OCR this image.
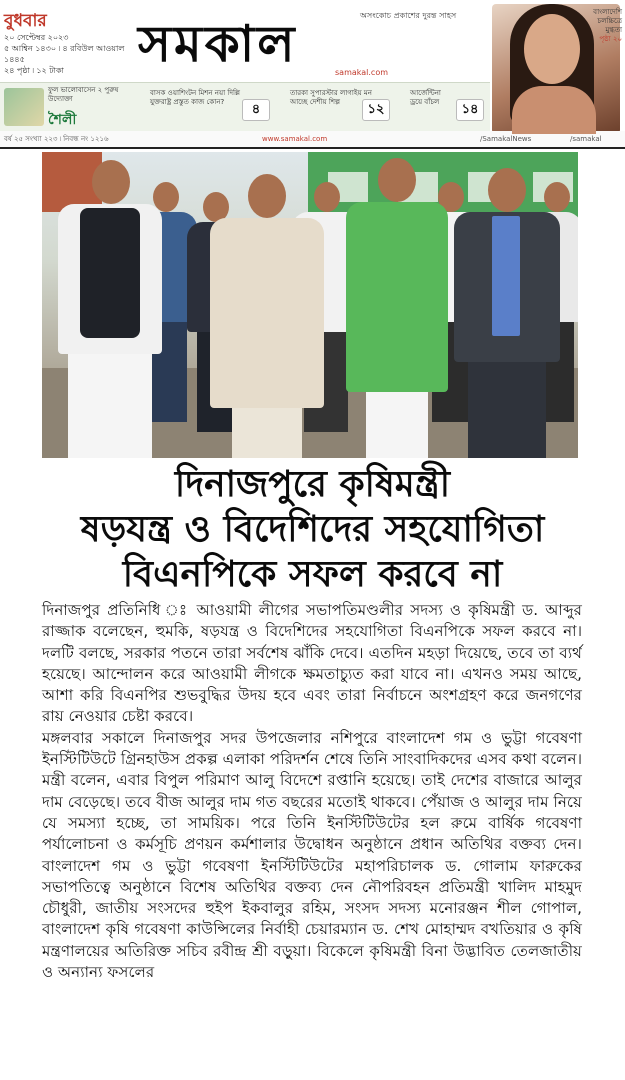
বুধবার
২০ সেপ্টেম্বর ২০২৩
৫ আশ্বিন ১৪৩০ ৷ ৪ রবিউল আওয়াল ১৪৪৫
২৪ পৃষ্ঠা ৷ ১২ টাকা
অসংকোচ প্রকাশের দুরন্ত সাহস
সমকাল	samakal.com
বাংলাদেশি
চলচ্চিত্রে মুগ্ধতা
পৃষ্ঠা ২০
ফুল ভালোবাসেন ২ পুরুষ উদ্যোক্তা
শৈলী
বাসক ওয়াশিংটন মিশন নয়া দিল্লি যুক্তরাষ্ট্র প্রস্তুত কাজ কোন?	৪
তারকা সুপারস্টার লাগাইয় মন আচ্ছে দেশীয় শিল্প	১২
আর্জেন্টিনা ড্রয়ে বাঁচল	১৪
বর্ষ ২৫ সংখ্যা ২২৩ ৷ নিবন্ধ নং ১২১৬	www.samakal.com	/SamakalNews	/samakal
দিনাজপুরে কৃষিমন্ত্রী
ষড়যন্ত্র ও বিদেশিদের সহযোগিতা
বিএনপিকে সফল করবে না

দিনাজপুর প্রতিনিধি ঃ আওয়ামী লীগের সভাপতিমণ্ডলীর সদস্য ও কৃষিমন্ত্রী ড. আব্দুর রাজ্জাক বলেছেন, হুমকি, ষড়যন্ত্র ও বিদেশিদের সহযোগিতা বিএনপিকে সফল করবে না। দলটি বলছে, সরকার পতনে তারা সর্বশেষ ঝাঁকি দেবে। এতদিন মহড়া দিয়েছে, তবে তা ব্যর্থ হয়েছে। আন্দোলন করে আওয়ামী লীগকে ক্ষমতাচ্যুত করা যাবে না। এখনও সময় আছে, আশা করি বিএনপির শুভবুদ্ধির উদয় হবে এবং তারা নির্বাচনে অংশগ্রহণ করে জনগণের রায় নেওয়ার চেষ্টা করবে।

মঙ্গলবার সকালে দিনাজপুর সদর উপজেলার নশিপুরে বাংলাদেশ গম ও ভুট্টা গবেষণা ইনস্টিটিউটে গ্রিনহাউস প্রকল্প এলাকা পরিদর্শন শেষে তিনি সাংবাদিকদের এসব কথা বলেন। মন্ত্রী বলেন, এবার বিপুল পরিমাণ আলু বিদেশে রপ্তানি হয়েছে। তাই দেশের বাজারে আলুর দাম বেড়েছে। তবে বীজ আলুর দাম গত বছরের মতোই থাকবে। পেঁয়াজ ও আলুর দাম নিয়ে যে সমস্যা হচ্ছে, তা সাময়িক। পরে তিনি ইনস্টিটিউটের হল রুমে বার্ষিক গবেষণা পর্যালোচনা ও কর্মসূচি প্রণয়ন কর্মশালার উদ্বোধন অনুষ্ঠানে প্রধান অতিথির বক্তব্য দেন। বাংলাদেশ গম ও ভুট্টা গবেষণা ইনস্টিটিউটের মহাপরিচালক ড. গোলাম ফারুকের সভাপতিত্বে অনুষ্ঠানে বিশেষ অতিথির বক্তব্য দেন নৌপরিবহন প্রতিমন্ত্রী খালিদ মাহমুদ চৌধুরী, জাতীয় সংসদের হুইপ ইকবালুর রহিম, সংসদ সদস্য মনোরঞ্জন শীল গোপাল, বাংলাদেশ কৃষি গবেষণা কাউন্সিলের নির্বাহী চেয়ারম্যান ড. শেখ মোহাম্মদ বখতিয়ার ও কৃষি মন্ত্রণালয়ের অতিরিক্ত সচিব রবীন্দ্র শ্রী বড়ুয়া। বিকেলে কৃষিমন্ত্রী বিনা উদ্ভাবিত তেলজাতীয় ও অন্যান্য ফসলের
